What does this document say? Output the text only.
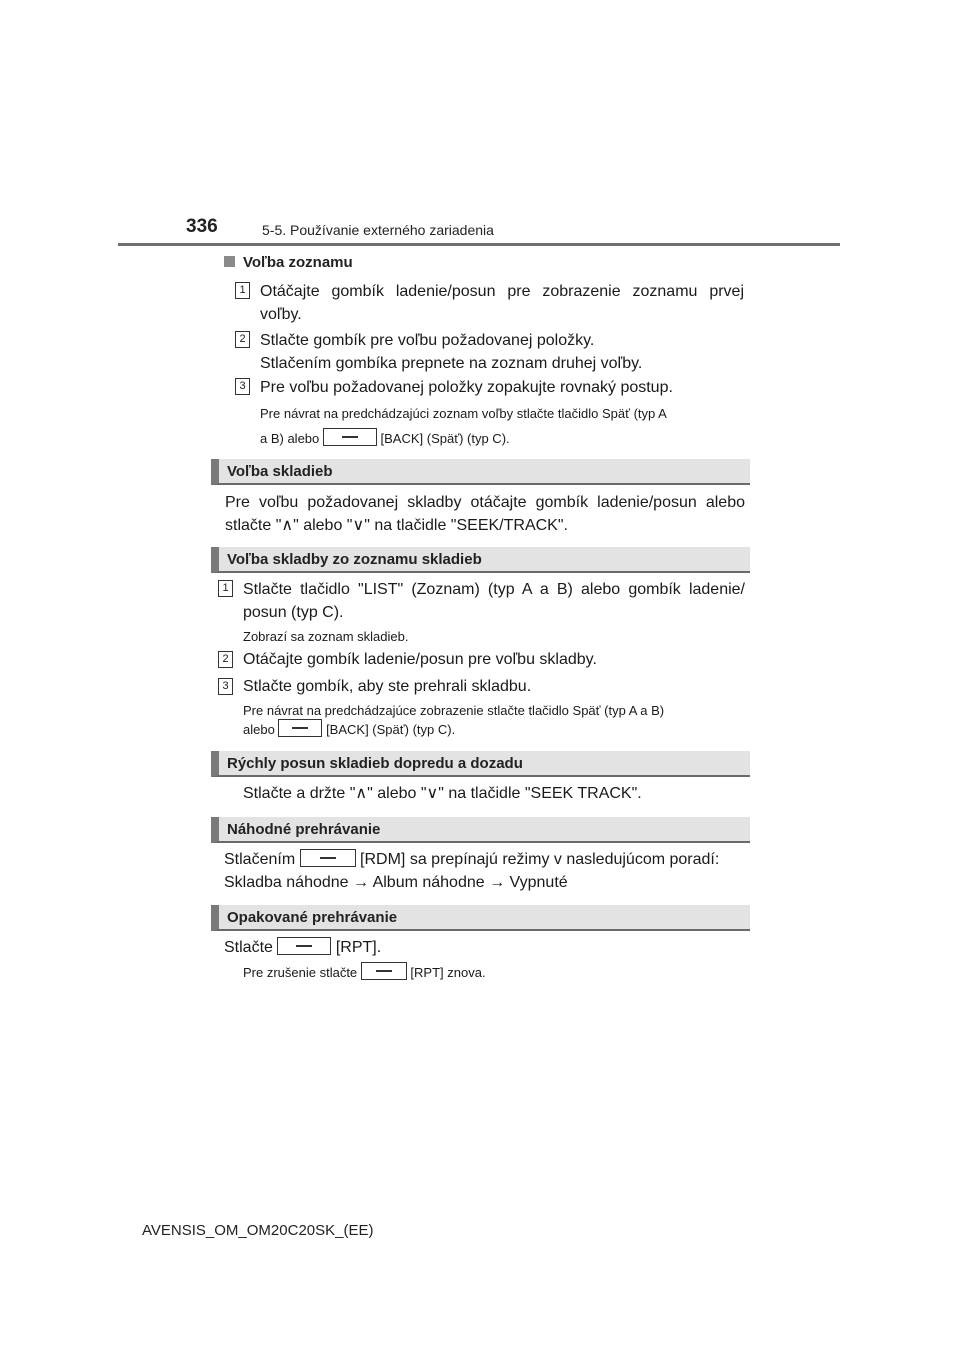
336	5-5. Používanie externého zariadenia
Voľba zoznamu
1 Otáčajte gombík ladenie/posun pre zobrazenie zoznamu prvej voľby.
2 Stlačte gombík pre voľbu požadovanej položky.
Stlačením gombíka prepnete na zoznam druhej voľby.
3 Pre voľbu požadovanej položky zopakujte rovnaký postup.
Pre návrat na predchádzajúci zoznam voľby stlačte tlačidlo Späť (typ A
a B) alebo	[BACK] (Späť) (typ C).
Voľba skladieb
Pre voľbu požadovanej skladby otáčajte gombík ladenie/posun alebo stlačte "∧" alebo "∨" na tlačidle "SEEK/TRACK".
Voľba skladby zo zoznamu skladieb
1 Stlačte tlačidlo "LIST" (Zoznam) (typ A a B) alebo gombík ladenie/ posun (typ C).
Zobrazí sa zoznam skladieb.
2 Otáčajte gombík ladenie/posun pre voľbu skladby.
3 Stlačte gombík, aby ste prehrali skladbu.
Pre návrat na predchádzajúce zobrazenie stlačte tlačidlo Späť (typ A a B)
alebo	[BACK] (Späť) (typ C).
Rýchly posun skladieb dopredu a dozadu
Stlačte a držte "∧" alebo "∨" na tlačidle "SEEK TRACK".
Náhodné prehrávanie
Stlačením	[RDM] sa prepínajú režimy v nasledujúcom poradí:
Skladba náhodne → Album náhodne → Vypnuté
Opakované prehrávanie
Stlačte	[RPT].
Pre zrušenie stlačte	[RPT] znova.
AVENSIS_OM_OM20C20SK_(EE)
